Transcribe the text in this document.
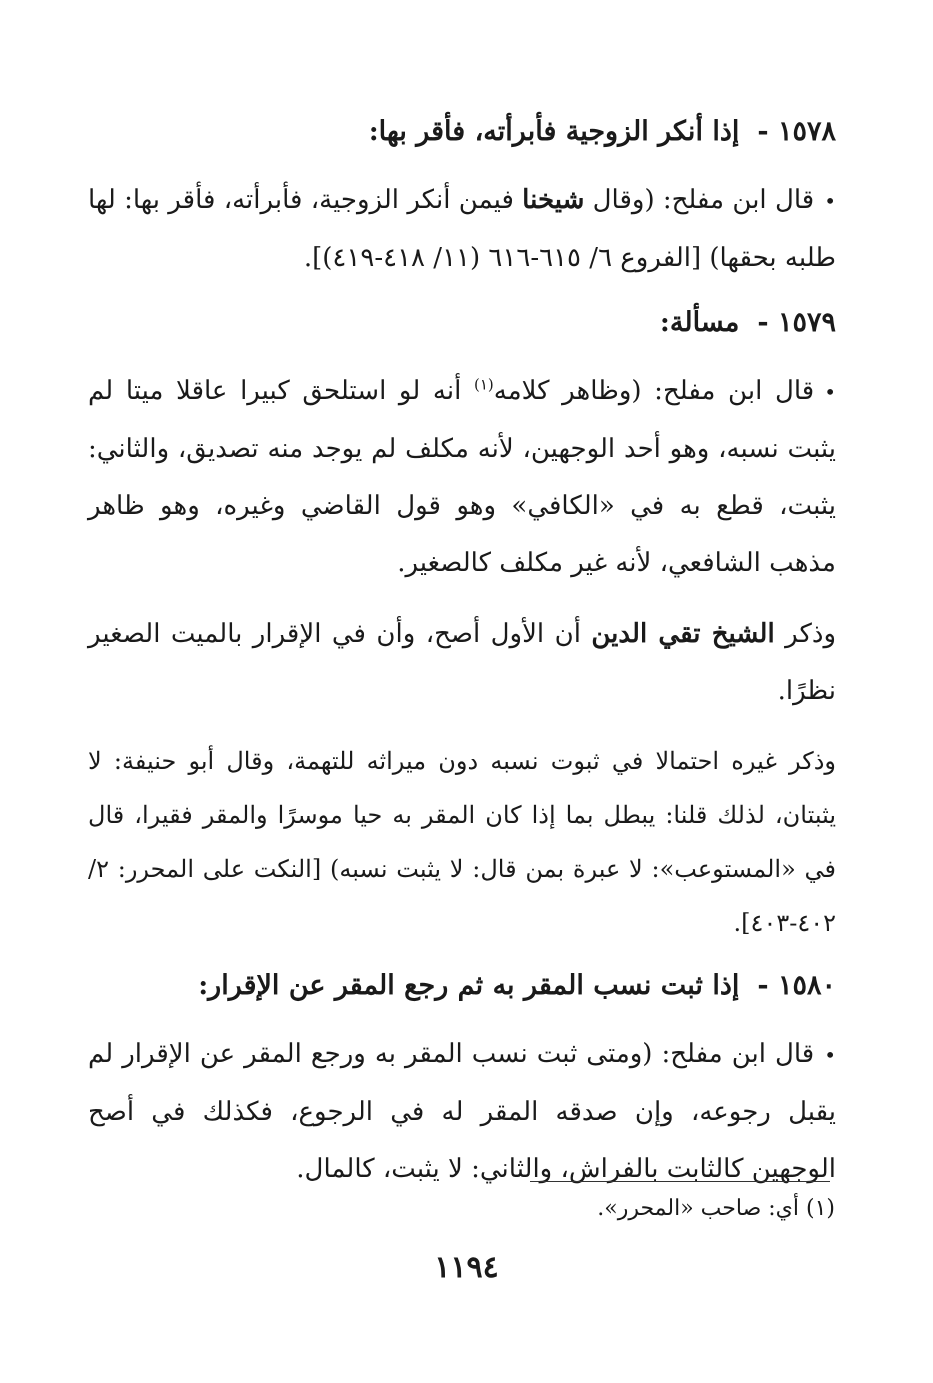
١٥٧٨ -إذا أنكر الزوجية فأبرأته، فأقر بها:
•قال ابن مفلح: (وقال شيخنا فيمن أنكر الزوجية، فأبرأته، فأقر بها: لها طلبه بحقها) [الفروع ٦/ ٦١٥-٦١٦ (١١/ ٤١٨-٤١٩)].
١٥٧٩ -مسألة:
•قال ابن مفلح: (وظاهر كلامه$^{(١)}$ أنه لو استلحق كبيرا عاقلا ميتا لم يثبت نسبه، وهو أحد الوجهين، لأنه مكلف لم يوجد منه تصديق، والثاني: يثبت، قطع به في «الكافي» وهو قول القاضي وغيره، وهو ظاهر مذهب الشافعي، لأنه غير مكلف كالصغير.
وذكر الشيخ تقي الدين أن الأول أصح، وأن في الإقرار بالميت الصغير نظرًا.
وذكر غيره احتمالا في ثبوت نسبه دون ميراثه للتهمة، وقال أبو حنيفة: لا يثبتان، لذلك قلنا: يبطل بما إذا كان المقر به حيا موسرًا والمقر فقيرا، قال في «المستوعب»: لا عبرة بمن قال: لا يثبت نسبه) [النكت على المحرر: ٢/ ٤٠٢-٤٠٣].
١٥٨٠ -إذا ثبت نسب المقر به ثم رجع المقر عن الإقرار:
•قال ابن مفلح: (ومتى ثبت نسب المقر به ورجع المقر عن الإقرار لم يقبل رجوعه، وإن صدقه المقر له في الرجوع، فكذلك في أصح الوجهين كالثابت بالفراش، والثاني: لا يثبت، كالمال.
(١) أي: صاحب «المحرر».
١١٩٤
